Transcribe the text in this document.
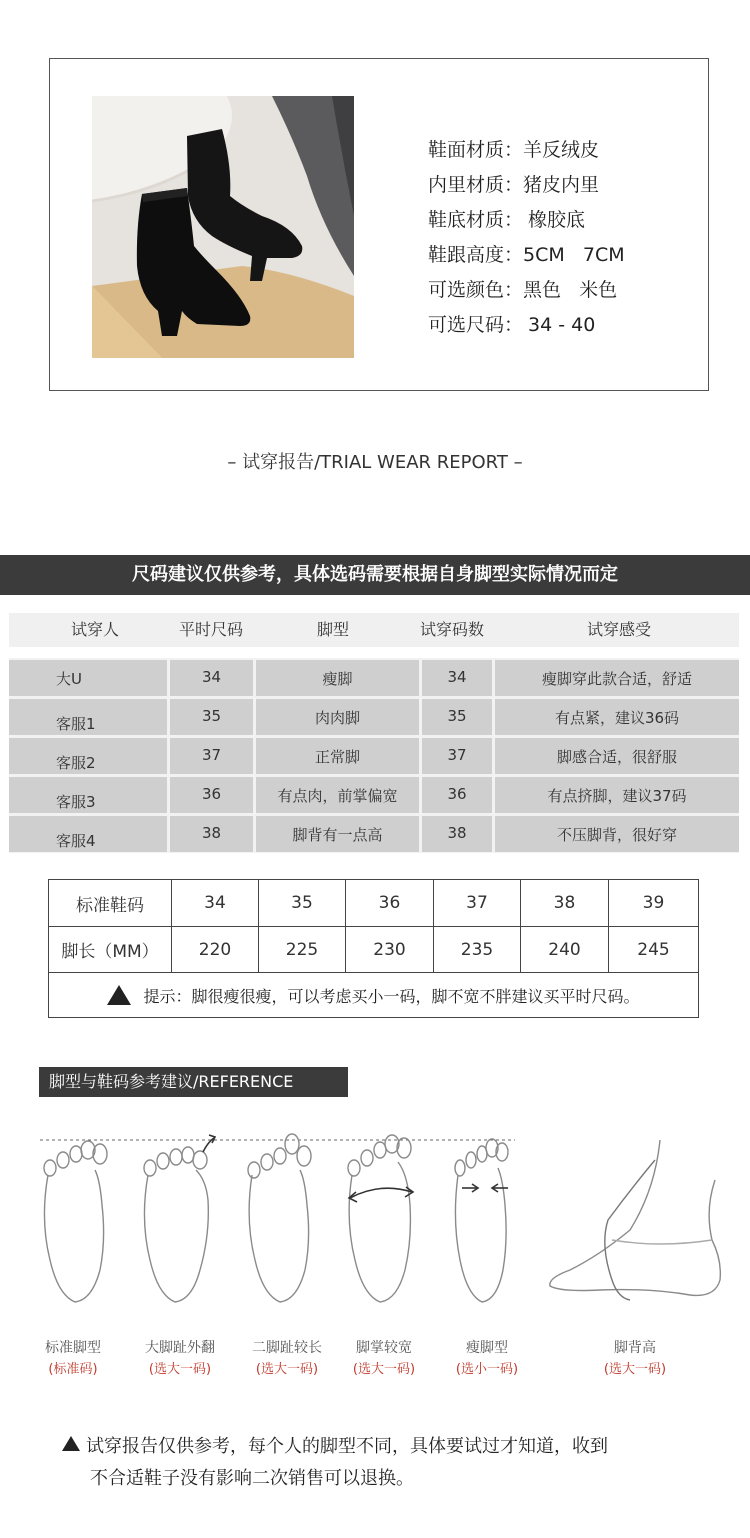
鞋面材质：羊反绒皮
内里材质：猪皮内里
鞋底材质： 橡胶底
鞋跟高度：5CM   7CM
可选颜色：黑色   米色
可选尺码： 34 - 40
– 试穿报告/TRIAL WEAR REPORT –
尺码建议仅供参考，具体选码需要根据自身脚型实际情况而定
试穿人	平时尺码	脚型	试穿码数	试穿感受
大U	34	瘦脚	34	瘦脚穿此款合适，舒适
客服1	35	肉肉脚	35	有点紧，建议36码
客服2	37	正常脚	37	脚感合适，很舒服
客服3	36	有点肉，前掌偏宽	36	有点挤脚，建议37码
客服4	38	脚背有一点高	38	不压脚背，很好穿
标准鞋码	34	35	36	37	38	39
脚长（MM）	220	225	230	235	240	245
提示：脚很瘦很瘦，可以考虑买小一码，脚不宽不胖建议买平时尺码。
脚型与鞋码参考建议/REFERENCE
标准脚型
(标准码)
大脚趾外翻
(选大一码)
二脚趾较长
(选大一码)
脚掌较宽
(选大一码)
瘦脚型
(选小一码)
脚背高
(选大一码)
试穿报告仅供参考，每个人的脚型不同，具体要试过才知道，收到
不合适鞋子没有影响二次销售可以退换。
